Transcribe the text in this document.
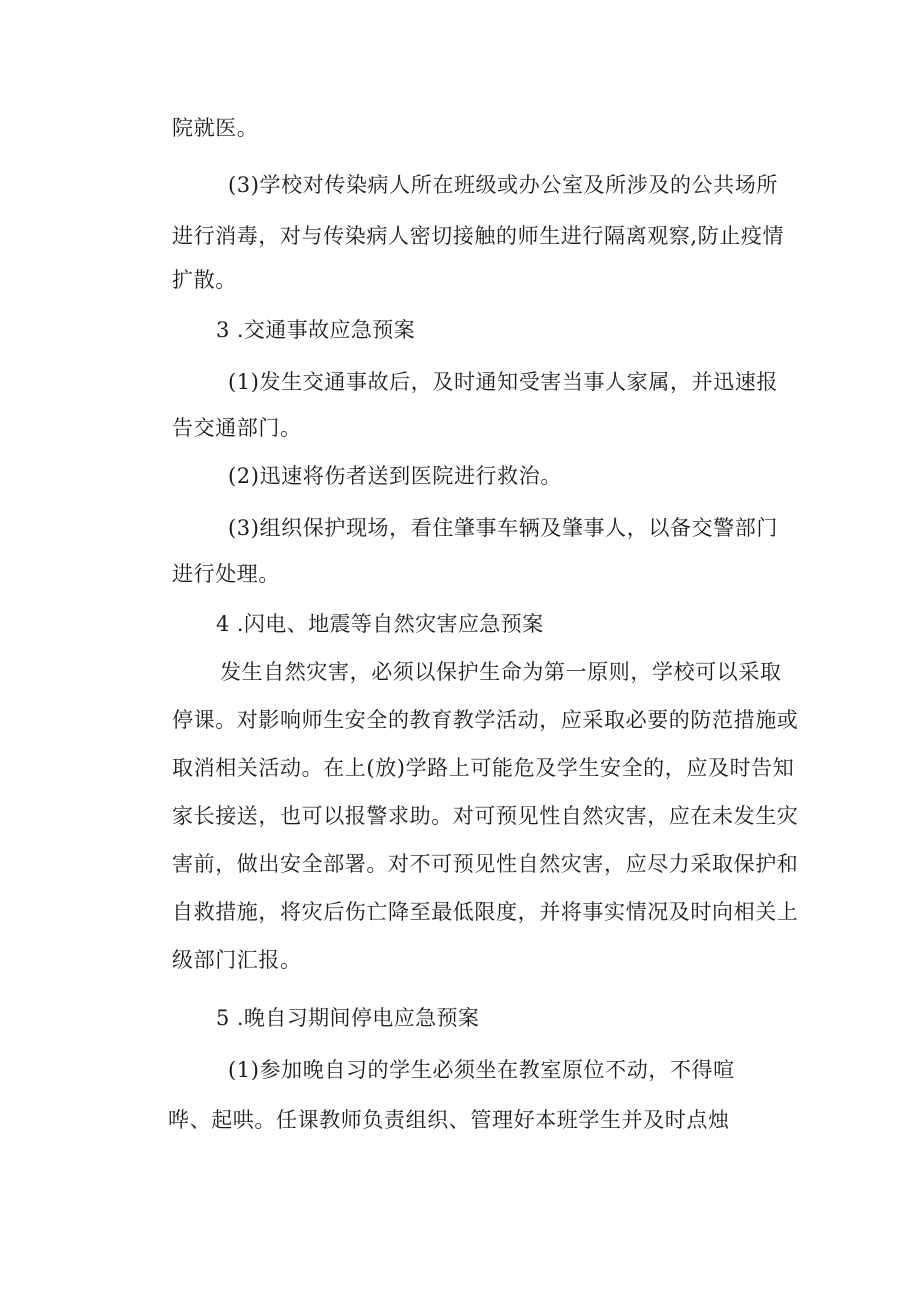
院就医。
(3)学校对传染病人所在班级或办公室及所涉及的公共场所
进行消毒，对与传染病人密切接触的师生进行隔离观察,防止疫情
扩散。
3 .交通事故应急预案
(1)发生交通事故后，及时通知受害当事人家属，并迅速报
告交通部门。
(2)迅速将伤者送到医院进行救治。
(3)组织保护现场，看住肇事车辆及肇事人，以备交警部门
进行处理。
4 .闪电、地震等自然灾害应急预案
发生自然灾害，必须以保护生命为第一原则，学校可以采取
停课。对影响师生安全的教育教学活动，应采取必要的防范措施或
取消相关活动。在上(放)学路上可能危及学生安全的，应及时告知
家长接送，也可以报警求助。对可预见性自然灾害，应在未发生灾
害前，做出安全部署。对不可预见性自然灾害，应尽力采取保护和
自救措施，将灾后伤亡降至最低限度，并将事实情况及时向相关上
级部门汇报。
5 .晚自习期间停电应急预案
(1)参加晚自习的学生必须坐在教室原位不动，不得喧
哗、起哄。任课教师负责组织、管理好本班学生并及时点烛
